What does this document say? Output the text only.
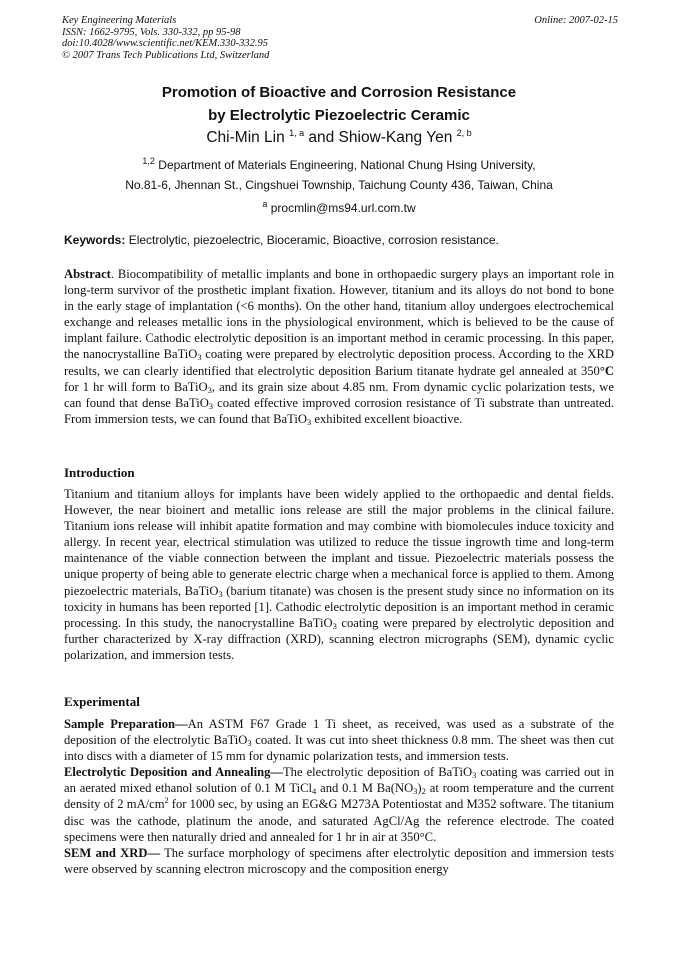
Key Engineering Materials
ISSN: 1662-9795, Vols. 330-332, pp 95-98
doi:10.4028/www.scientific.net/KEM.330-332.95
© 2007 Trans Tech Publications Ltd, Switzerland
Online: 2007-02-15
Promotion of Bioactive and Corrosion Resistance
by Electrolytic Piezoelectric Ceramic
Chi-Min Lin $^{1, a}$ and Shiow-Kang Yen $^{2, b}$
$^{1,2}$ Department of Materials Engineering, National Chung Hsing University,
No.81-6, Jhennan St., Cingshuei Township, Taichung County 436, Taiwan, China
$^a$ procmlin@ms94.url.com.tw
Keywords: Electrolytic, piezoelectric, Bioceramic, Bioactive, corrosion resistance.
Abstract. Biocompatibility of metallic implants and bone in orthopaedic surgery plays an important role in long-term survivor of the prosthetic implant fixation. However, titanium and its alloys do not bond to bone in the early stage of implantation (<6 months). On the other hand, titanium alloy undergoes electrochemical exchange and releases metallic ions in the physiological environment, which is believed to be the cause of implant failure. Cathodic electrolytic deposition is an important method in ceramic processing. In this paper, the nanocrystalline BaTiO$_3$ coating were prepared by electrolytic deposition process. According to the XRD results, we can clearly identified that electrolytic deposition Barium titanate hydrate gel annealed at 350°C for 1 hr will form to BaTiO$_3$, and its grain size about 4.85 nm. From dynamic cyclic polarization tests, we can found that dense BaTiO$_3$ coated effective improved corrosion resistance of Ti substrate than untreated. From immersion tests, we can found that BaTiO$_3$ exhibited excellent bioactive.
Introduction
Titanium and titanium alloys for implants have been widely applied to the orthopaedic and dental fields. However, the near bioinert and metallic ions release are still the major problems in the clinical failure. Titanium ions release will inhibit apatite formation and may combine with biomolecules induce toxicity and allergy. In recent year, electrical stimulation was utilized to reduce the tissue ingrowth time and long-term maintenance of the viable connection between the implant and tissue. Piezoelectric materials possess the unique property of being able to generate electric charge when a mechanical force is applied to them. Among piezoelectric materials, BaTiO$_3$ (barium titanate) was chosen is the present study since no information on its toxicity in humans has been reported [1]. Cathodic electrolytic deposition is an important method in ceramic processing. In this study, the nanocrystalline BaTiO$_3$ coating were prepared by electrolytic deposition and further characterized by X-ray diffraction (XRD), scanning electron micrographs (SEM), dynamic cyclic polarization, and immersion tests.
Experimental
Sample Preparation—An ASTM F67 Grade 1 Ti sheet, as received, was used as a substrate of the deposition of the electrolytic BaTiO$_3$ coated. It was cut into sheet thickness 0.8 mm. The sheet was then cut into discs with a diameter of 15 mm for dynamic polarization tests, and immersion tests.
Electrolytic Deposition and Annealing—The electrolytic deposition of BaTiO$_3$ coating was carried out in an aerated mixed ethanol solution of 0.1 M TiCl$_4$ and 0.1 M $Ba(NO_3)_2$ at room temperature and the current density of 2 $mA/cm^2$ for 1000 sec, by using an EG&G M273A Potentiostat and M352 software. The titanium disc was the cathode, platinum the anode, and saturated AgCl/Ag the reference electrode. The coated specimens were then naturally dried and annealed for 1 hr in air at 350°C.
SEM and XRD— The surface morphology of specimens after electrolytic deposition and immersion tests were observed by scanning electron microscopy and the composition energy
